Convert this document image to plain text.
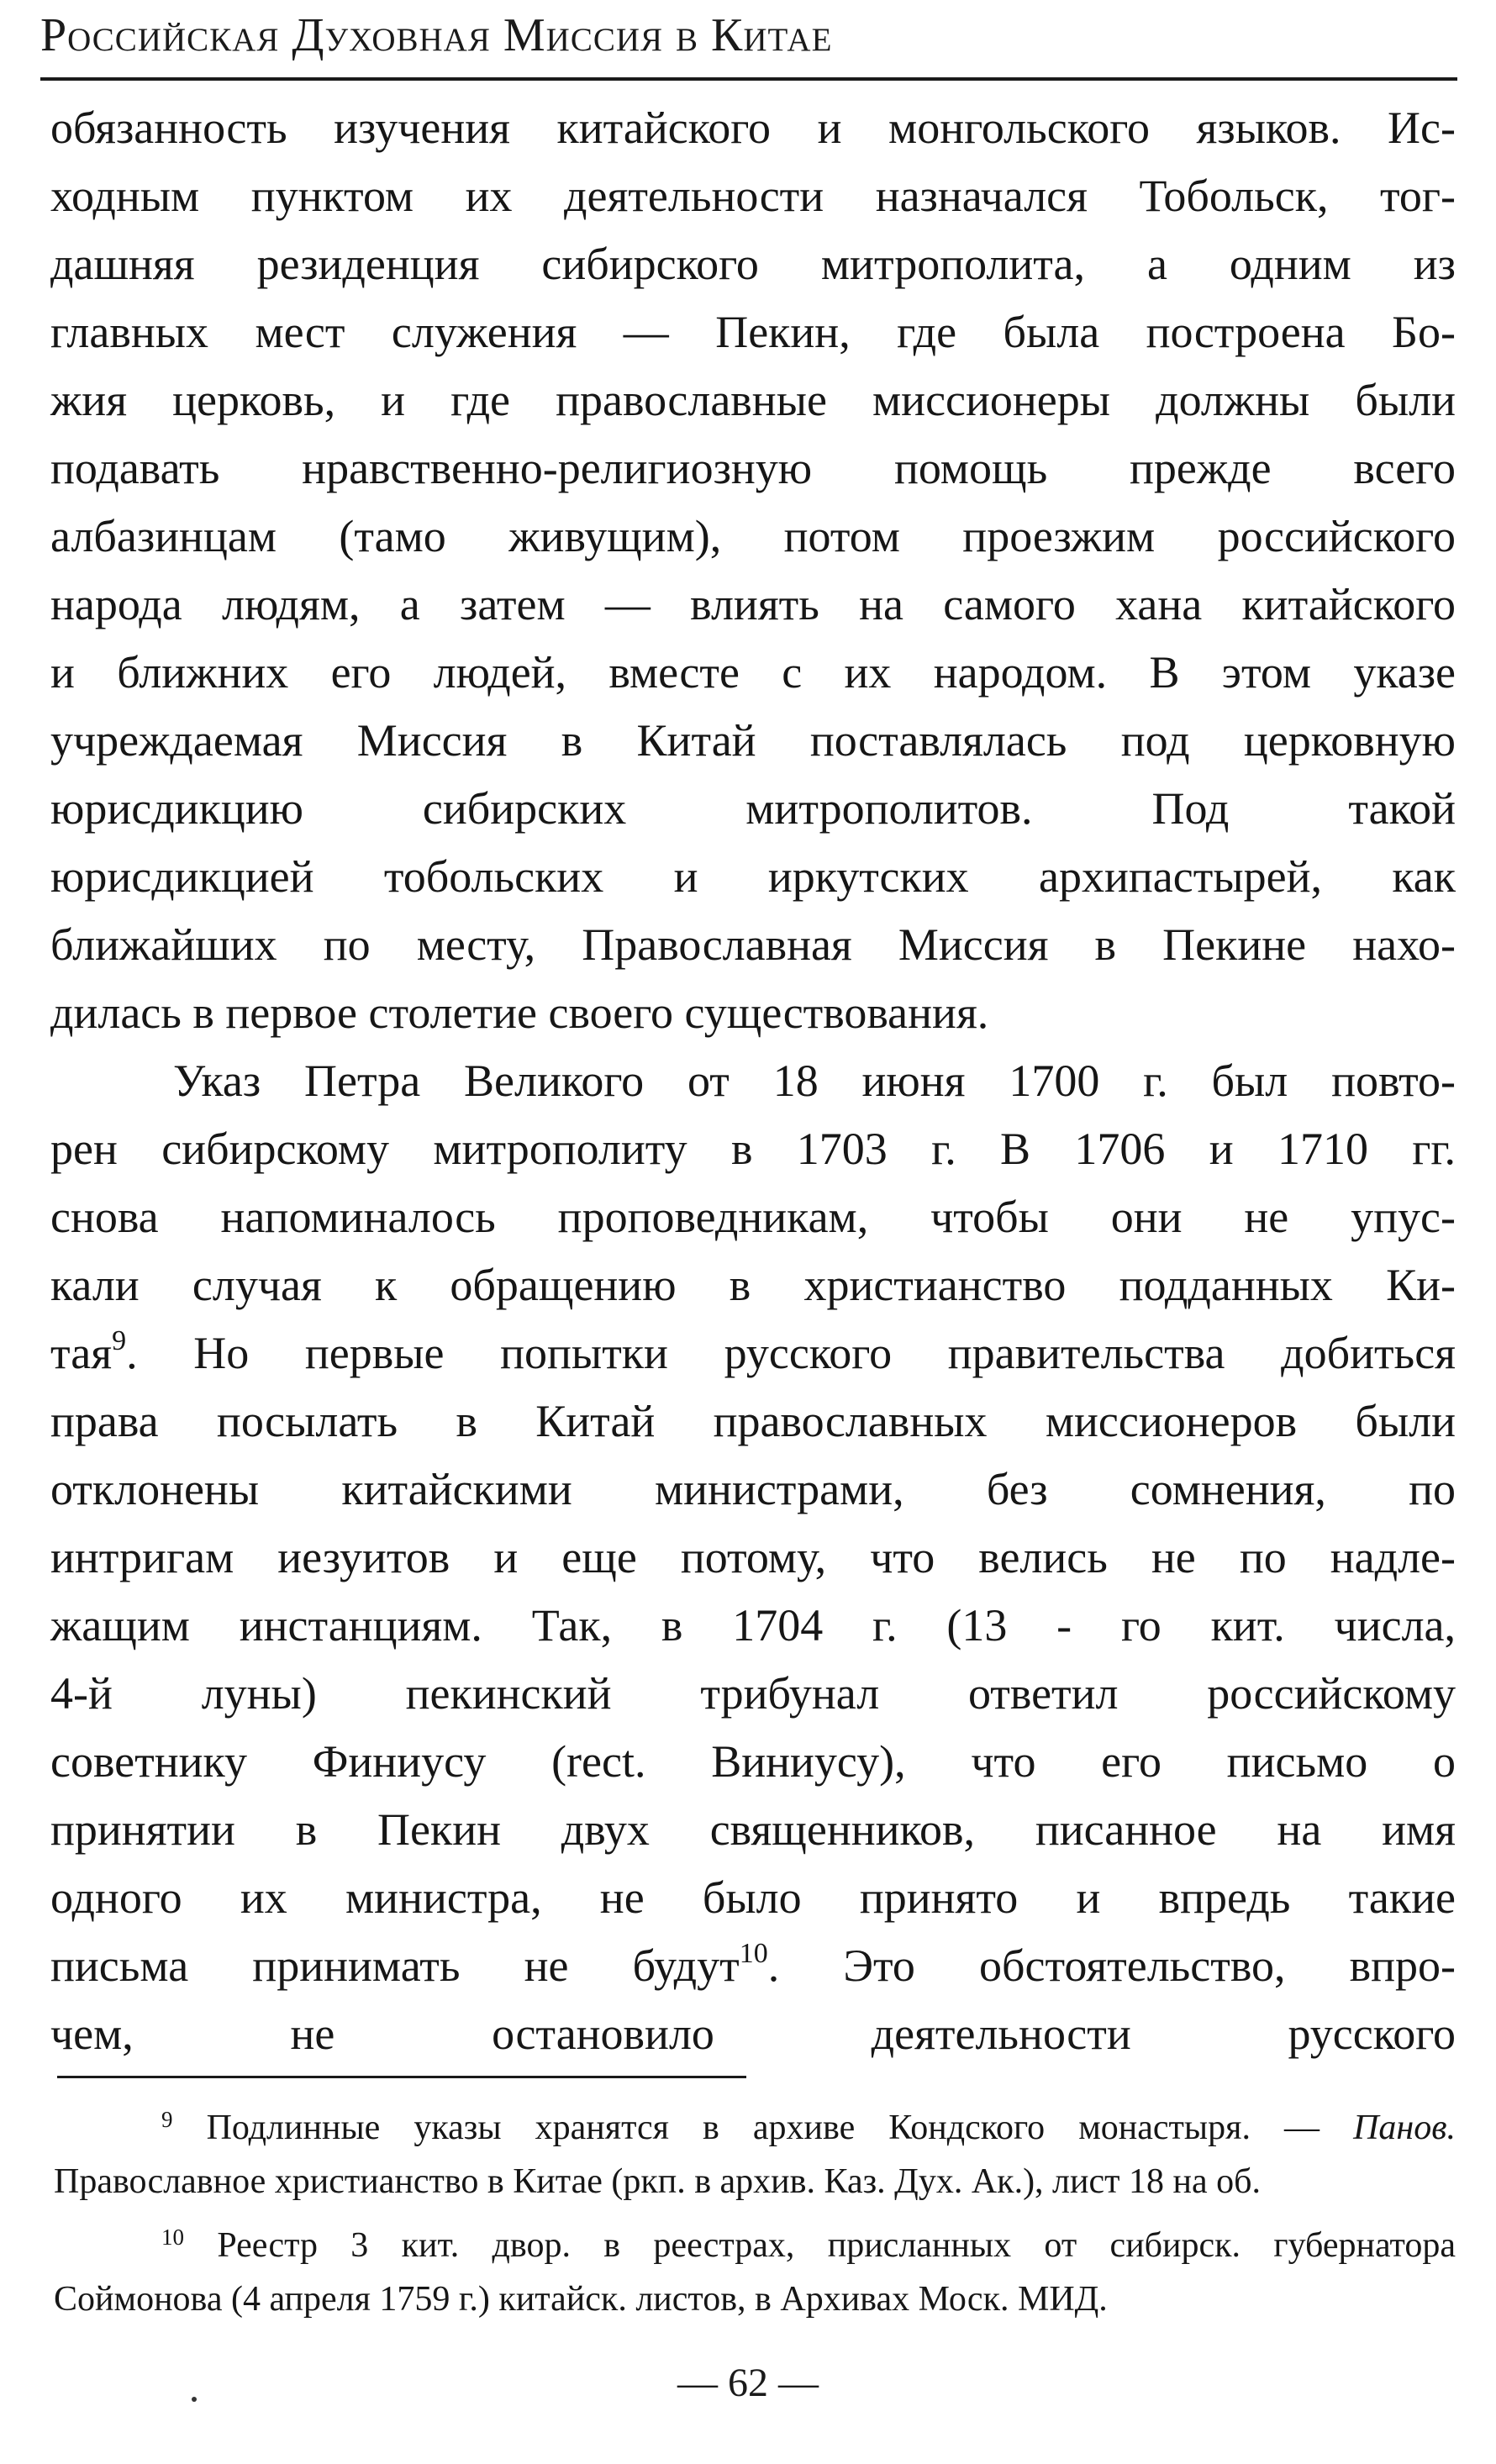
Российская Духовная Миссия в Китае
обязанность изучения китайского и монгольского языков. Ис-
ходным пунктом их деятельности назначался Тобольск, тог-
дашняя резиденция сибирского митрополита, а одним из
главных мест служения — Пекин, где была построена Бо-
жия церковь, и где православные миссионеры должны были
подавать нравственно-религиозную помощь прежде всего
албазинцам (тамо живущим), потом проезжим российского
народа людям, а затем — влиять на самого хана китайского
и ближних его людей, вместе с их народом. В этом указе
учреждаемая Миссия в Китай поставлялась под церковную
юрисдикцию сибирских митрополитов. Под такой
юрисдикцией тобольских и иркутских архипастырей, как
ближайших по месту, Православная Миссия в Пекине нахо-
дилась в первое столетие своего существования.
Указ Петра Великого от 18 июня 1700 г. был повто-
рен сибирскому митрополиту в 1703 г. В 1706 и 1710 гг.
снова напоминалось проповедникам, чтобы они не упус-
кали случая к обращению в христианство подданных Ки-
тая$^9$. Но первые попытки русского правительства добиться
права посылать в Китай православных миссионеров были
отклонены китайскими министрами, без сомнения, по
интригам иезуитов и еще потому, что велись не по надле-
жащим инстанциям. Так, в 1704 г. (13 - го кит. числа,
4-й луны) пекинский трибунал ответил российскому
советнику Финиусу (rect. Виниусу), что его письмо о
принятии в Пекин двух священников, писанное на имя
одного их министра, не было принято и впредь такие
письма принимать не будут$^{10}$. Это обстоятельство, впро-
чем, не остановило деятельности русского
$^9$ Подлинные указы хранятся в архиве Кондского монастыря. — Панов.
Православное христианство в Китае (ркп. в архив. Каз. Дух. Ак.), лист 18 на об.
$^{10}$ Реестр 3 кит. двор. в реестрах, присланных от сибирск. губернатора
Соймонова (4 апреля 1759 г.) китайск. листов, в Архивах Моск. МИД.
— 62 —
